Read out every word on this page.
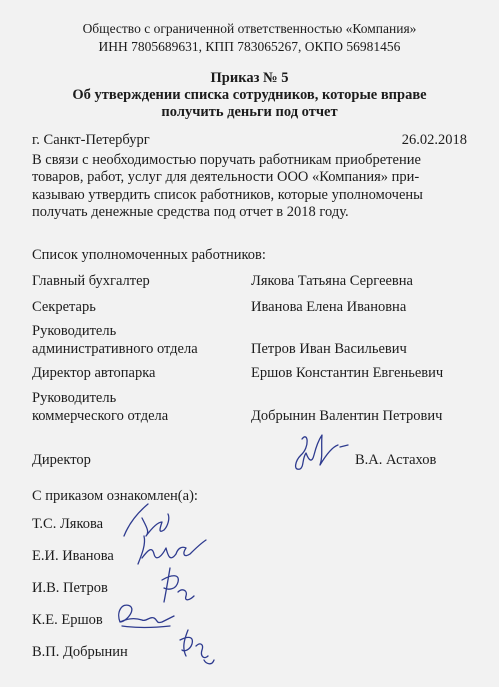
Общество с ограниченной ответственностью «Компания»
ИНН 7805689631, КПП 783065267, ОКПО 56981456
Приказ № 5
Об утверждении списка сотрудников, которые вправе
получить деньги под отчет
г. Санкт-Петербург	26.02.2018
В связи с необходимостью поручать работникам приобретение
товаров, работ, услуг для деятельности ООО «Компания» при-
казываю утвердить список работников, которые уполномочены
получать денежные средства под отчет в 2018 году.
Список уполномоченных работников:
Главный бухгалтер	Лякова Татьяна Сергеевна
Секретарь	Иванова Елена Ивановна
Руководитель
административного отдела	Петров Иван Васильевич
Директор автопарка	Ершов Константин Евгеньевич
Руководитель
коммерческого отдела	Добрынин Валентин Петрович
Директор	В.А. Астахов
С приказом ознакомлен(а):
Т.С. Лякова
Е.И. Иванова
И.В. Петров
К.Е. Ершов
В.П. Добрынин
